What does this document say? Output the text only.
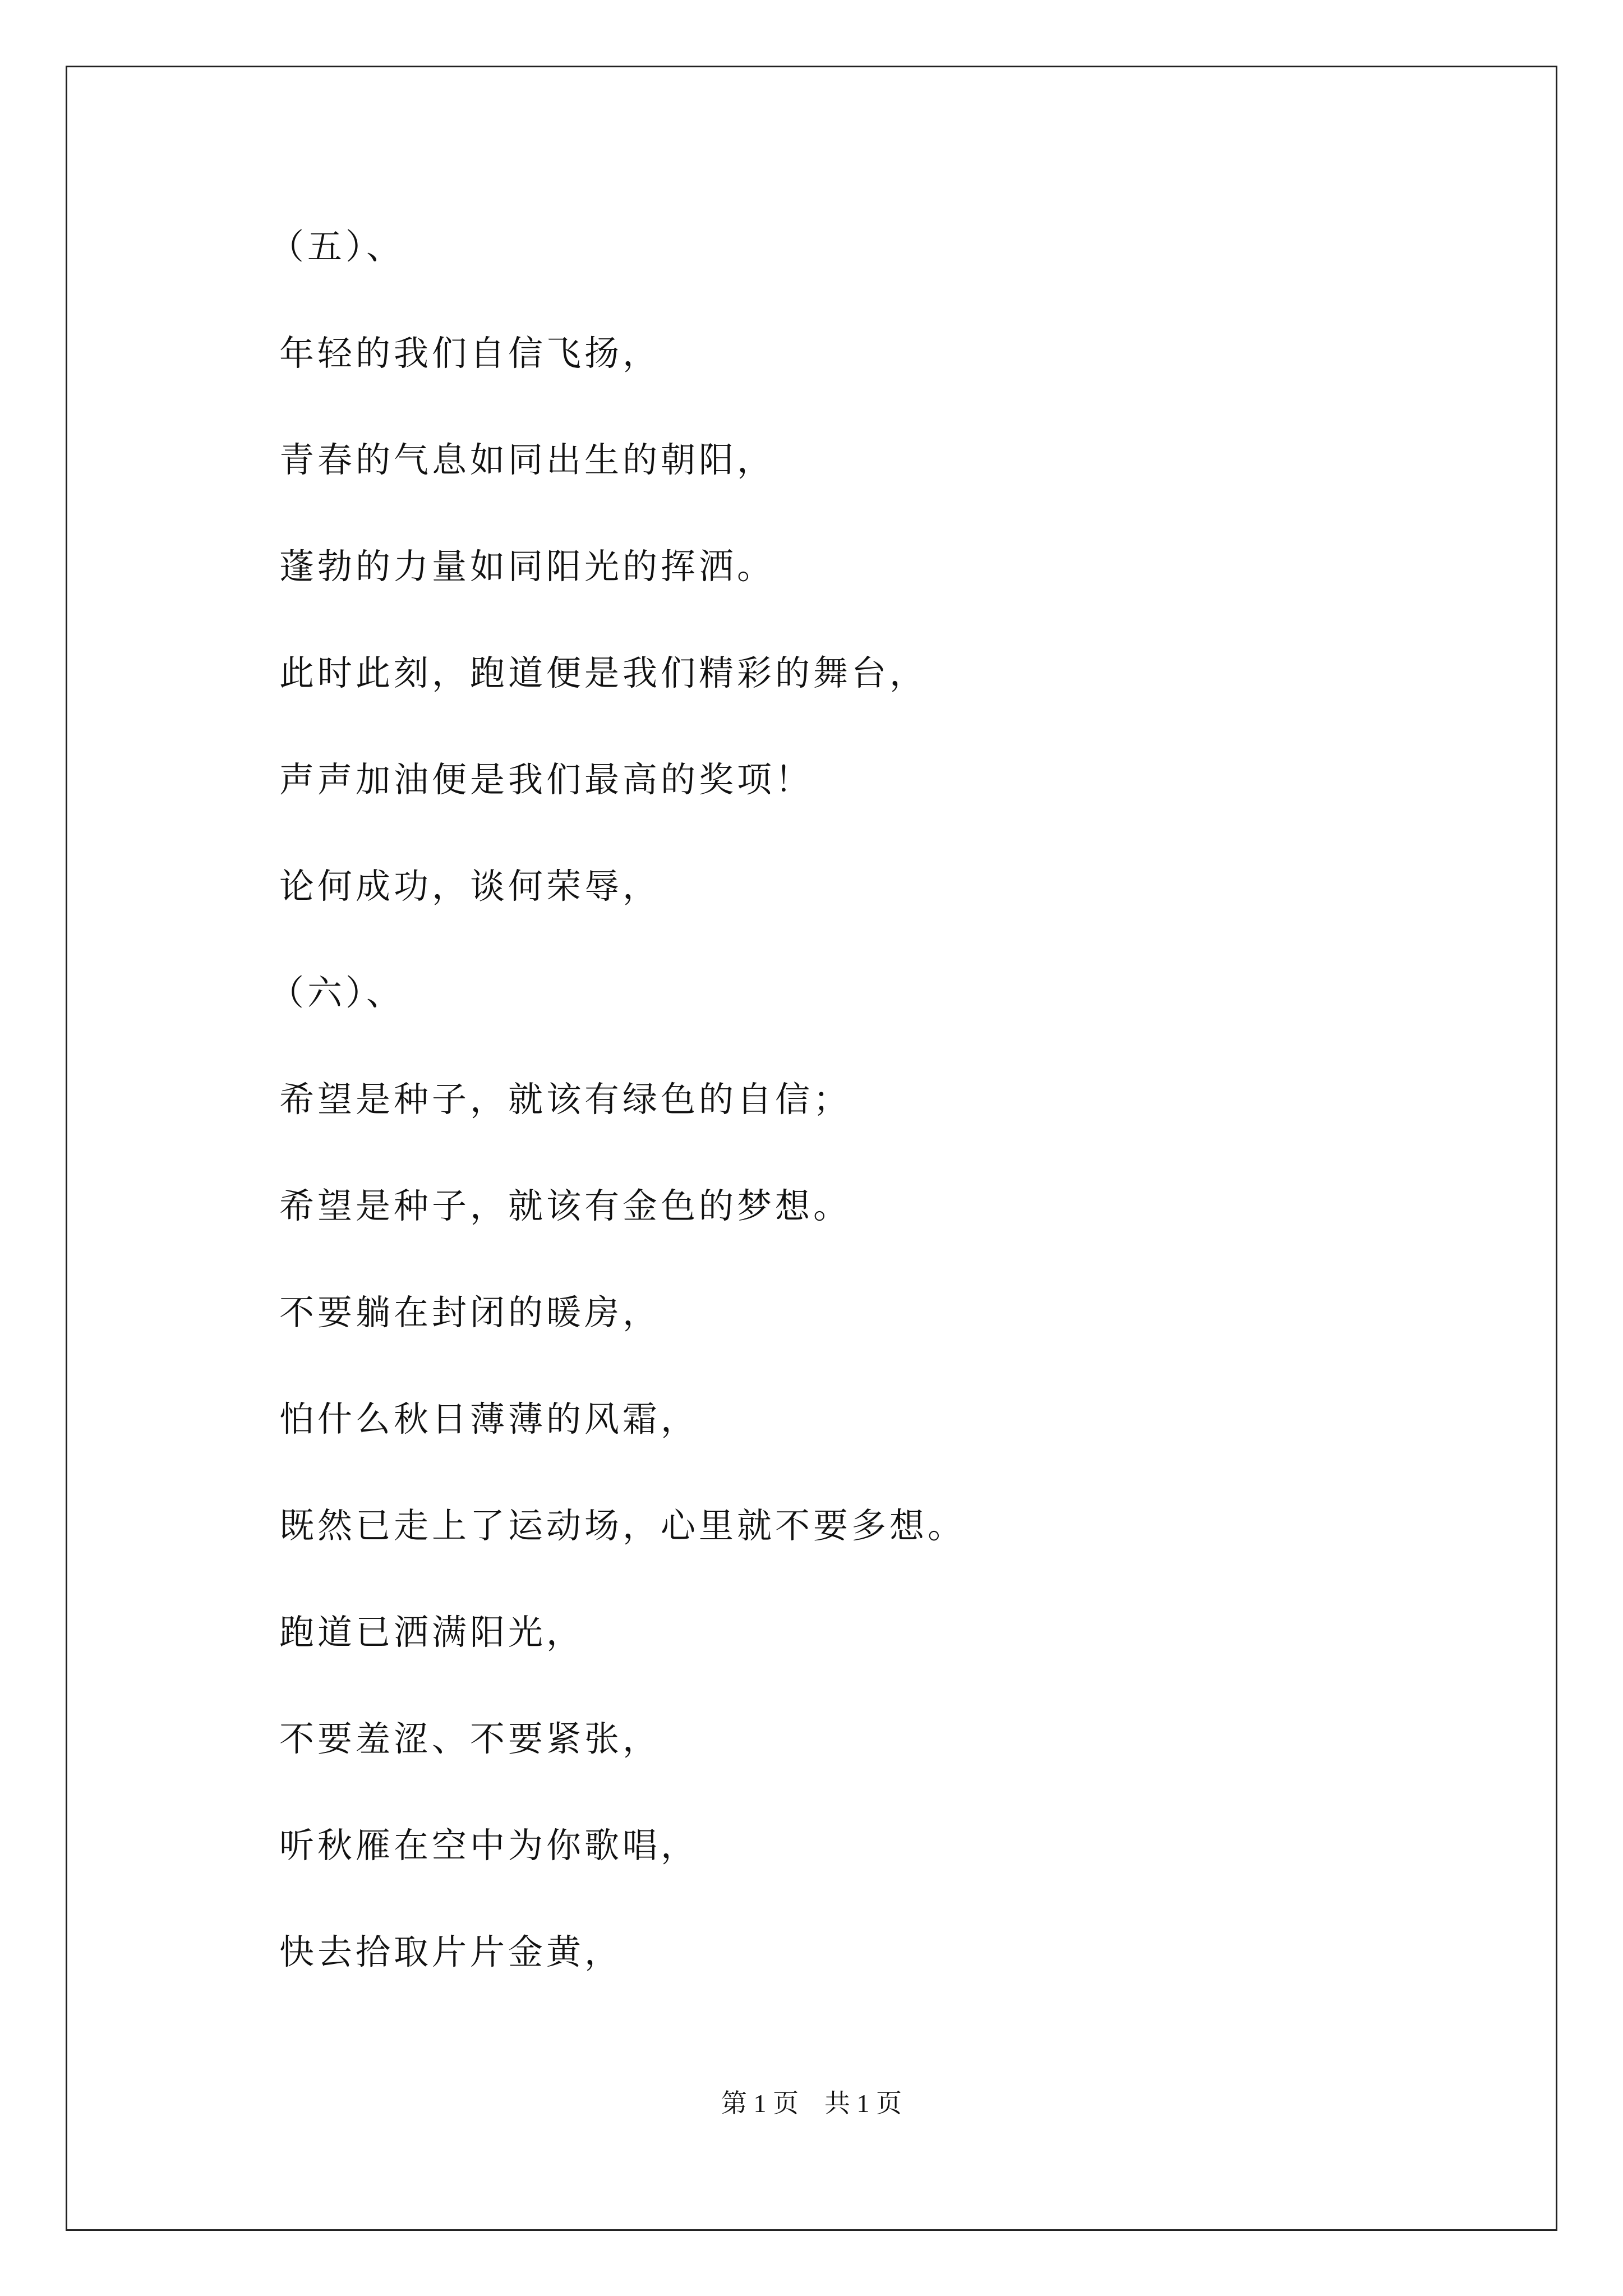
（五）、
年轻的我们自信飞扬，
青春的气息如同出生的朝阳，
蓬勃的力量如同阳光的挥洒。
此时此刻，跑道便是我们精彩的舞台，
声声加油便是我们最高的奖项！
论何成功，谈何荣辱，
（六）、
希望是种子，就该有绿色的自信；
希望是种子，就该有金色的梦想。
不要躺在封闭的暖房，
怕什么秋日薄薄的风霜，
既然已走上了运动场，心里就不要多想。
跑道已洒满阳光，
不要羞涩、不要紧张，
听秋雁在空中为你歌唱，
快去拾取片片金黄，
第 1 页    共 1 页
